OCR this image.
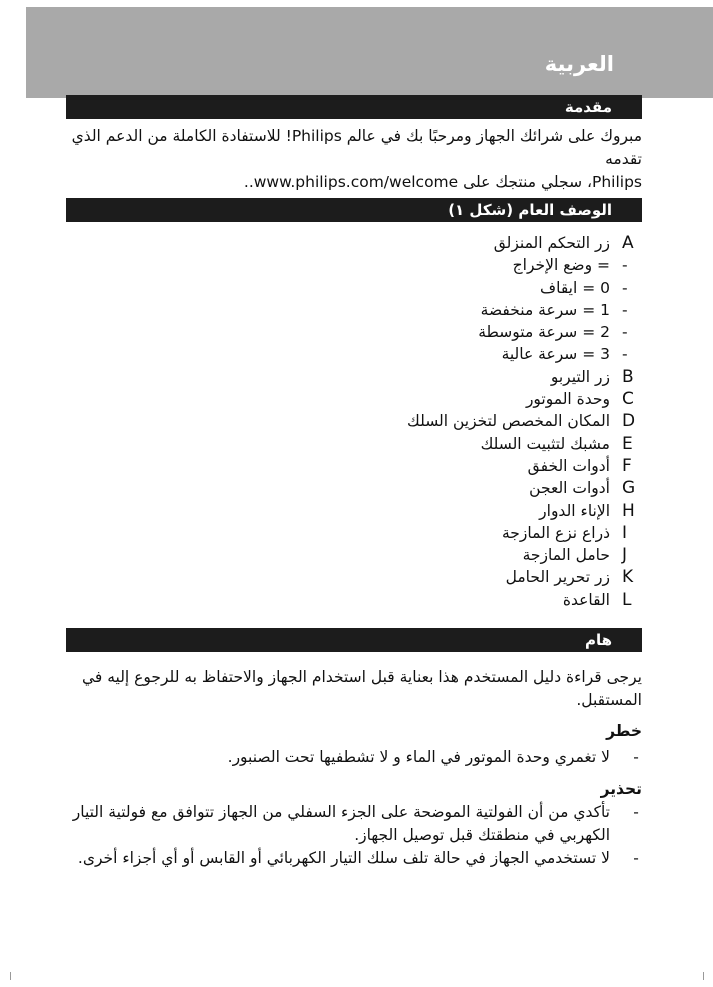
العربية
مقدمة
مبروك على شرائك الجهاز ومرحبًا بك في عالم Philips! للاستفادة الكاملة من الدعم الذي تقدمه
Philips، سجلي منتجك على www.philips.com/welcome..
الوصف العام (شكل ١)
A
زر التحكم المنزلق
-
= وضع الإخراج
-
0 = ايقاف
-
1 = سرعة منخفضة
-
2 = سرعة متوسطة
-
3 = سرعة عالية
B
زر التيربو
C
وحدة الموتور
D
المكان المخصص لتخزين السلك
E
مشبك لتثبيت السلك
F
أدوات الخفق
G
أدوات العجن
H
الإناء الدوار
I
ذراع نزع المازجة
J
حامل المازجة
K
زر تحرير الحامل
L
القاعدة
هام
يرجى قراءة دليل المستخدم هذا بعناية قبل استخدام الجهاز والاحتفاظ به للرجوع إليه في
المستقبل.
خطر
-
لا تغمري وحدة الموتور في الماء و لا تشطفيها تحت الصنبور.
تحذير
-
تأكدي من أن الفولتية الموضحة على الجزء السفلي من الجهاز تتوافق مع فولتية التيار
الكهربي في منطقتك قبل توصيل الجهاز.
-
لا تستخدمي الجهاز في حالة تلف سلك التيار الكهربائي أو القابس أو أي أجزاء أخرى.
